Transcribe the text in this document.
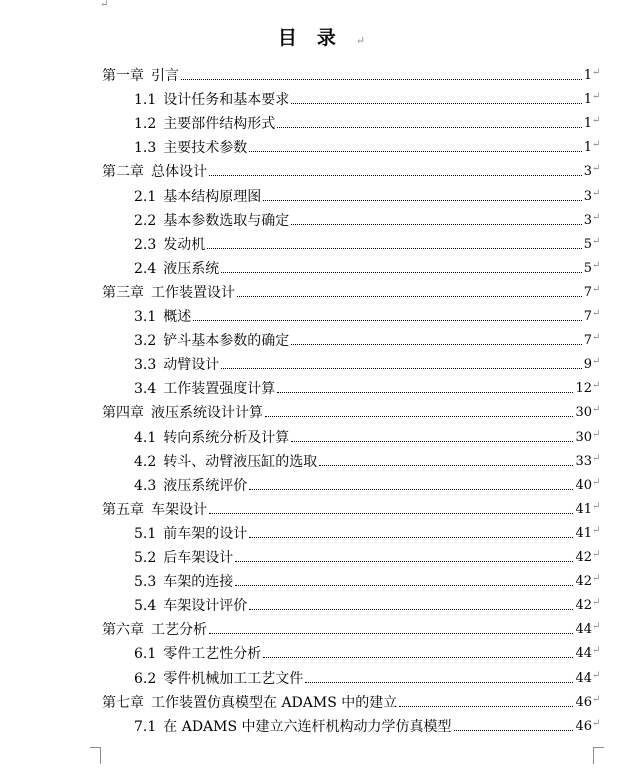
↵
目录↵
第一章 引言	1 ↵
1.1 设计任务和基本要求	1 ↵
1.2 主要部件结构形式	1 ↵
1.3 主要技术参数	1 ↵
第二章 总体设计	3 ↵
2.1 基本结构原理图	3 ↵
2.2 基本参数选取与确定	3 ↵
2.3 发动机	5 ↵
2.4 液压系统	5 ↵
第三章 工作装置设计	7 ↵
3.1 概述	7 ↵
3.2 铲斗基本参数的确定	7 ↵
3.3 动臂设计	9 ↵
3.4 工作装置强度计算	12 ↵
第四章 液压系统设计计算	30 ↵
4.1 转向系统分析及计算	30 ↵
4.2 转斗、动臂液压缸的选取	33 ↵
4.3 液压系统评价	40 ↵
第五章 车架设计	41 ↵
5.1 前车架的设计	41 ↵
5.2 后车架设计	42 ↵
5.3 车架的连接	42 ↵
5.4 车架设计评价	42 ↵
第六章 工艺分析	44 ↵
6.1 零件工艺性分析	44 ↵
6.2 零件机械加工工艺文件	44 ↵
第七章 工作装置仿真模型在 ADAMS 中的建立	46 ↵
7.1 在 ADAMS 中建立六连杆机构动力学仿真模型	46 ↵
